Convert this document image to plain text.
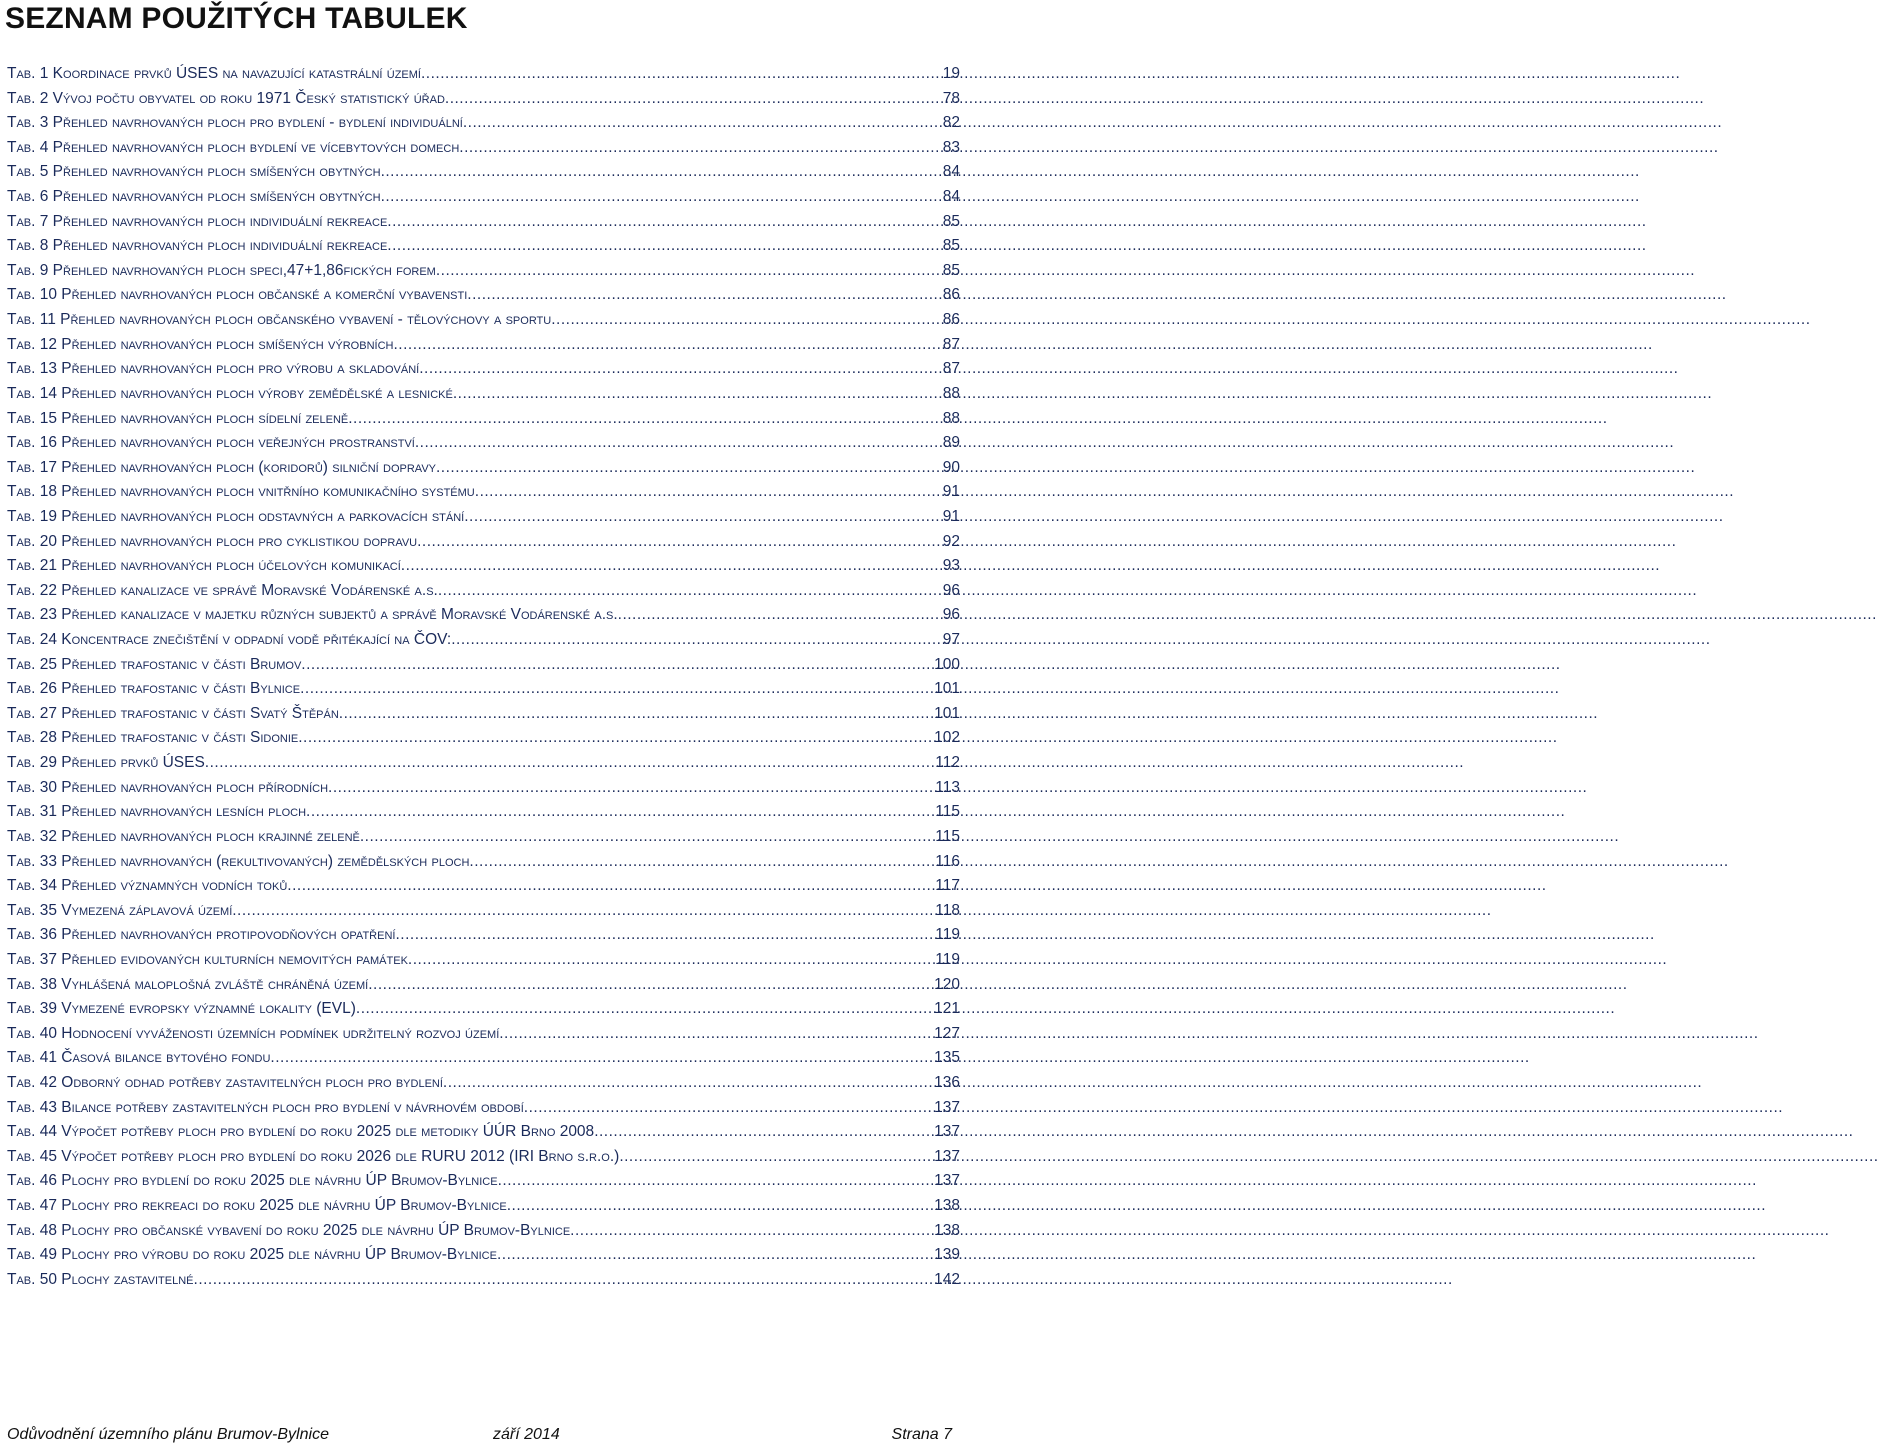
SEZNAM POUŽITÝCH TABULEK
Tab. 1 Koordinace prvků ÚSES na navazující katastrální území .....	19
Tab. 2 Vývoj počtu obyvatel od roku 1971 Český statistický úřad .....	78
Tab. 3 Přehled navrhovaných ploch pro bydlení - bydlení individuální .....	82
Tab. 4 Přehled navrhovaných ploch bydlení ve vícebytových domech .....	83
Tab. 5 Přehled navrhovaných ploch smíšených obytných .....	84
Tab. 6 Přehled navrhovaných ploch smíšených obytných .....	84
Tab. 7 Přehled navrhovaných ploch individuální rekreace .....	85
Tab. 8 Přehled navrhovaných ploch individuální rekreace .....	85
Tab. 9 Přehled navrhovaných ploch speci,47+1,86fických forem .....	85
Tab. 10 Přehled navrhovaných ploch občanské a komerční vybavensti .....	86
Tab. 11 Přehled navrhovaných ploch občanského vybavení - tělovýchovy a sportu .....	86
Tab. 12 Přehled navrhovaných ploch smíšených výrobních .....	87
Tab. 13 Přehled navrhovaných ploch pro výrobu a skladování .....	87
Tab. 14 Přehled navrhovaných ploch výroby zemědělské a lesnické .....	88
Tab. 15 Přehled navrhovaných ploch sídelní zeleně .....	88
Tab. 16 Přehled navrhovaných ploch veřejných prostranství .....	89
Tab. 17 Přehled navrhovaných ploch (koridorů) silniční dopravy .....	90
Tab. 18 Přehled navrhovaných ploch vnitřního komunikačního systému .....	91
Tab. 19 Přehled navrhovaných ploch odstavných a parkovacích stání .....	91
Tab. 20 Přehled navrhovaných ploch pro cyklistikou dopravu .....	92
Tab. 21 Přehled navrhovaných ploch účelových komunikací .....	93
Tab. 22 Přehled kanalizace ve správě Moravské Vodárenské a.s. .....	96
Tab. 23 Přehled kanalizace v majetku různých subjektů a správě Moravské Vodárenské a.s. .....	96
Tab. 24 Koncentrace znečištění v odpadní vodě přitékající na ČOV: .....	97
Tab. 25 Přehled trafostanic v části Brumov .....	100
Tab. 26 Přehled trafostanic v části Bylnice .....	101
Tab. 27 Přehled trafostanic v části Svatý Štěpán .....	101
Tab. 28 Přehled trafostanic v části Sidonie .....	102
Tab. 29 Přehled prvků ÚSES .....	112
Tab. 30 Přehled navrhovaných ploch přírodních .....	113
Tab. 31 Přehled navrhovaných lesních ploch .....	115
Tab. 32 Přehled navrhovaných ploch krajinné zeleně .....	115
Tab. 33 Přehled navrhovaných (rekultivovaných) zemědělských ploch .....	116
Tab. 34 Přehled významných vodních toků .....	117
Tab. 35 Vymezená záplavová území .....	118
Tab. 36 Přehled navrhovaných protipovodňových opatření .....	119
Tab. 37 Přehled evidovaných kulturních nemovitých památek .....	119
Tab. 38 Vyhlášená maloplošná zvláště chráněná území .....	120
Tab. 39 Vymezené evropsky významné lokality (EVL) .....	121
Tab. 40 Hodnocení vyváženosti územních podmínek udržitelný rozvoj území .....	127
Tab. 41 Časová bilance bytového fondu .....	135
Tab. 42 Odborný odhad potřeby zastavitelných ploch pro bydlení .....	136
Tab. 43 Bilance potřeby zastavitelných ploch pro bydlení v návrhovém období .....	137
Tab. 44 Výpočet potřeby ploch pro bydlení do roku 2025 dle metodiky ÚÚR Brno 2008 .....	137
Tab. 45 Výpočet potřeby ploch pro bydlení do roku 2026 dle RURU 2012 (IRI Brno s.r.o.) .....	137
Tab. 46 Plochy pro bydlení do roku 2025 dle návrhu ÚP Brumov-Bylnice .....	137
Tab. 47 Plochy pro rekreaci do roku 2025 dle návrhu ÚP Brumov-Bylnice .....	138
Tab. 48 Plochy pro občanské vybavení do roku 2025 dle návrhu ÚP Brumov-Bylnice .....	138
Tab. 49 Plochy pro výrobu do roku 2025 dle návrhu ÚP Brumov-Bylnice .....	139
Tab. 50 Plochy zastavitelné .....	142
Odůvodnění územního plánu Brumov-Bylnice	září 2014	Strana 7
